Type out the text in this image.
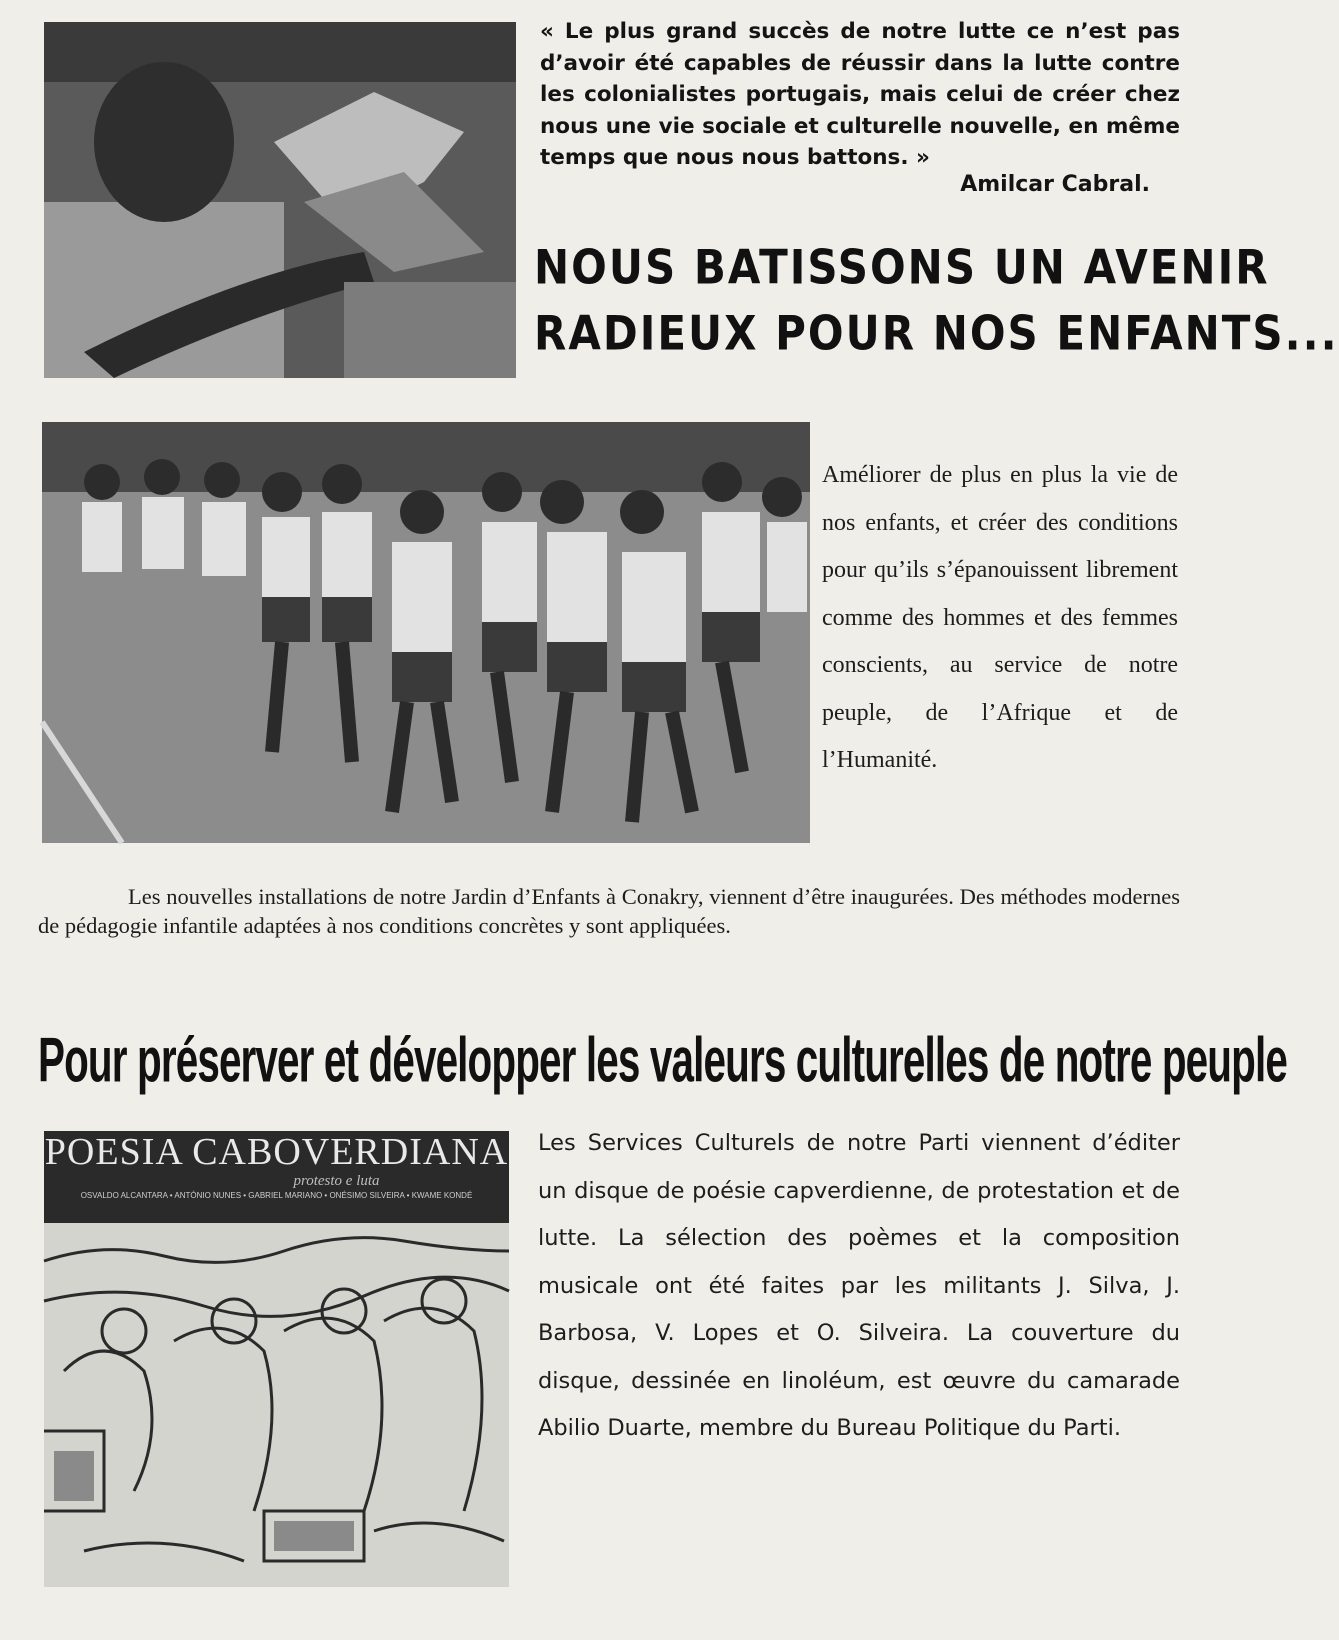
« Le plus grand succès de notre lutte ce n’est pas d’avoir été capables de réussir dans la lutte contre les colonialistes portugais, mais celui de créer chez nous une vie sociale et culturelle nouvelle, en même temps que nous nous battons. »
Amilcar Cabral.
NOUS BATISSONS UN AVENIR
RADIEUX POUR NOS ENFANTS...
Améliorer de plus en plus la vie de nos enfants, et créer des conditions pour qu’ils s’épanouissent librement comme des hommes et des femmes conscients, au service de notre peuple, de l’Afrique et de l’Humanité.
Les nouvelles installations de notre Jardin d’Enfants à Conakry, viennent d’être inaugurées. Des méthodes modernes de pédagogie infantile adaptées à nos conditions concrètes y sont appliquées.
Pour préserver et développer les valeurs culturelles de notre peuple
POESIA CABOVERDIANA
protesto e luta
OSVALDO ALCANTARA • ANTÓNIO NUNES • GABRIEL MARIANO • ONÉSIMO SILVEIRA • KWAME KONDÉ
Les Services Culturels de notre Parti viennent d’éditer un disque de poésie capverdienne, de protestation et de lutte. La sélection des poèmes et la composition musicale ont été faites par les militants J. Silva, J. Barbosa, V. Lopes et O. Silveira. La couverture du disque, dessinée en linoléum, est œuvre du camarade Abilio Duarte, membre du Bureau Politique du Parti.
